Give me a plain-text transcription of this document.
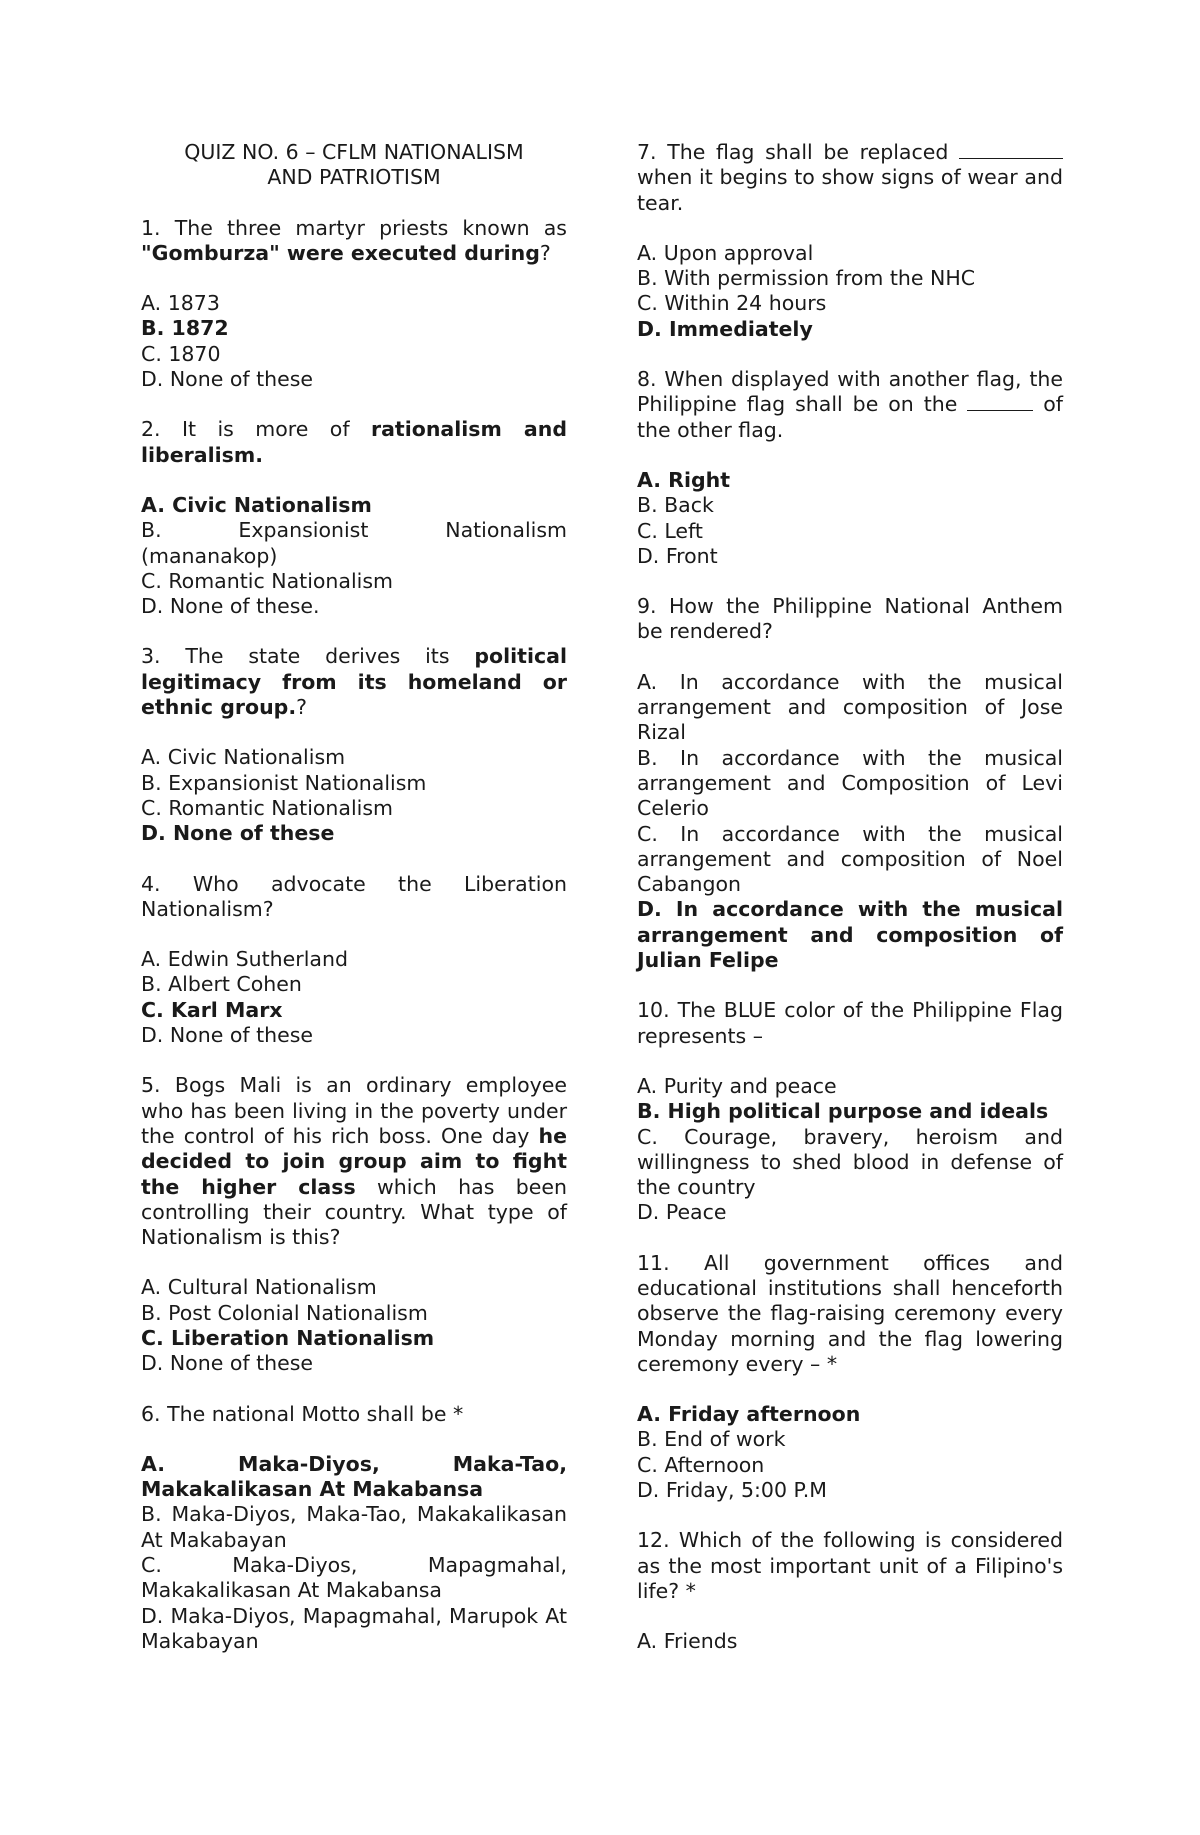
QUIZ NO. 6 – CFLM NATIONALISM
AND PATRIOTISM
1. The three martyr priests known as "Gomburza" were executed during?
A. 1873
B. 1872
C. 1870
D. None of these
2. It is more of rationalism and liberalism.
A. Civic Nationalism
B. Expansionist Nationalism (mananakop)
C. Romantic Nationalism
D. None of these.
3. The state derives its political legitimacy from its homeland or ethnic group.?
A. Civic Nationalism
B. Expansionist Nationalism
C. Romantic Nationalism
D. None of these
4. Who advocate the Liberation Nationalism?
A. Edwin Sutherland
B. Albert Cohen
C. Karl Marx
D. None of these
5. Bogs Mali is an ordinary employee who has been living in the poverty under the control of his rich boss. One day he decided to join group aim to fight the higher class which has been controlling their country. What type of Nationalism is this?
A. Cultural Nationalism
B. Post Colonial Nationalism
C. Liberation Nationalism
D. None of these
6. The national Motto shall be *
A. Maka-Diyos, Maka-Tao, Makakalikasan At Makabansa
B. Maka-Diyos, Maka-Tao, Makakalikasan At Makabayan
C. Maka-Diyos, Mapagmahal, Makakalikasan At Makabansa
D. Maka-Diyos, Mapagmahal, Marupok At Makabayan
7. The flag shall be replaced  when it begins to show signs of wear and tear.
A. Upon approval
B. With permission from the NHC
C. Within 24 hours
D. Immediately
8. When displayed with another flag, the Philippine flag shall be on the	of the other flag.
A. Right
B. Back
C. Left
D. Front
9. How the Philippine National Anthem be rendered?
A. In accordance with the musical arrangement and composition of Jose Rizal
B. In accordance with the musical arrangement and Composition of Levi Celerio
C. In accordance with the musical arrangement and composition of Noel Cabangon
D. In accordance with the musical arrangement and composition of Julian Felipe
10. The BLUE color of the Philippine Flag represents –
A. Purity and peace
B. High political purpose and ideals
C. Courage, bravery, heroism and willingness to shed blood in defense of the country
D. Peace
11. All government offices and educational institutions shall henceforth observe the flag-raising ceremony every Monday morning and the flag lowering ceremony every – *
A. Friday afternoon
B. End of work
C. Afternoon
D. Friday, 5:00 P.M
12. Which of the following is considered as the most important unit of a Filipino's life? *
A. Friends
